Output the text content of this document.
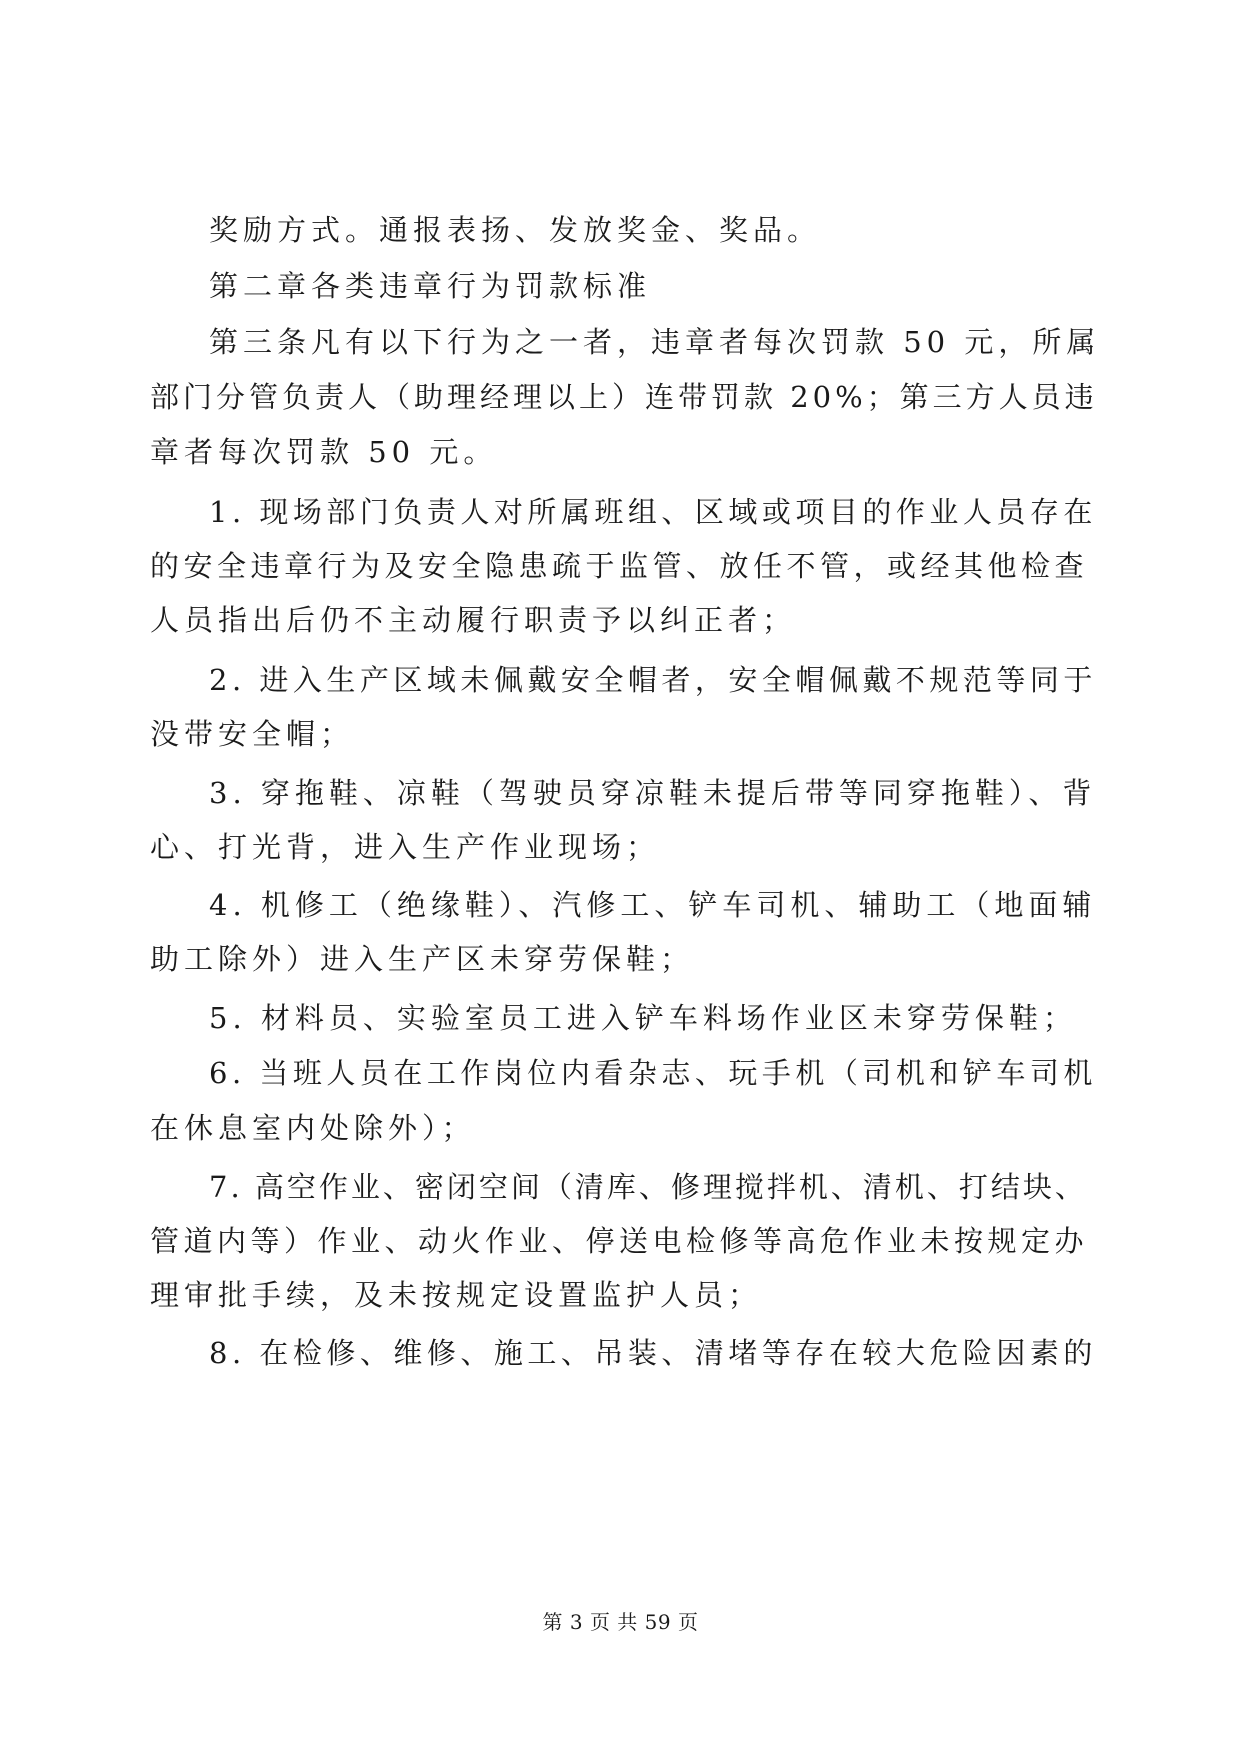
奖励方式。通报表扬、发放奖金、奖品。
第二章各类违章行为罚款标准
第三条凡有以下行为之一者，违章者每次罚款 50 元，所属
部门分管负责人（助理经理以上）连带罚款 20%；第三方人员违
章者每次罚款 50 元。
1. 现场部门负责人对所属班组、区域或项目的作业人员存在
的安全违章行为及安全隐患疏于监管、放任不管，或经其他检查
人员指出后仍不主动履行职责予以纠正者；
2. 进入生产区域未佩戴安全帽者，安全帽佩戴不规范等同于
没带安全帽；
3. 穿拖鞋、凉鞋（驾驶员穿凉鞋未提后带等同穿拖鞋）、背
心、打光背，进入生产作业现场；
4. 机修工（绝缘鞋）、汽修工、铲车司机、辅助工（地面辅
助工除外）进入生产区未穿劳保鞋；
5. 材料员、实验室员工进入铲车料场作业区未穿劳保鞋；
6. 当班人员在工作岗位内看杂志、玩手机（司机和铲车司机
在休息室内处除外）；
7. 高空作业、密闭空间（清库、修理搅拌机、清机、打结块、
管道内等）作业、动火作业、停送电检修等高危作业未按规定办
理审批手续，及未按规定设置监护人员；
8. 在检修、维修、施工、吊装、清堵等存在较大危险因素的
第 3 页 共 59 页
